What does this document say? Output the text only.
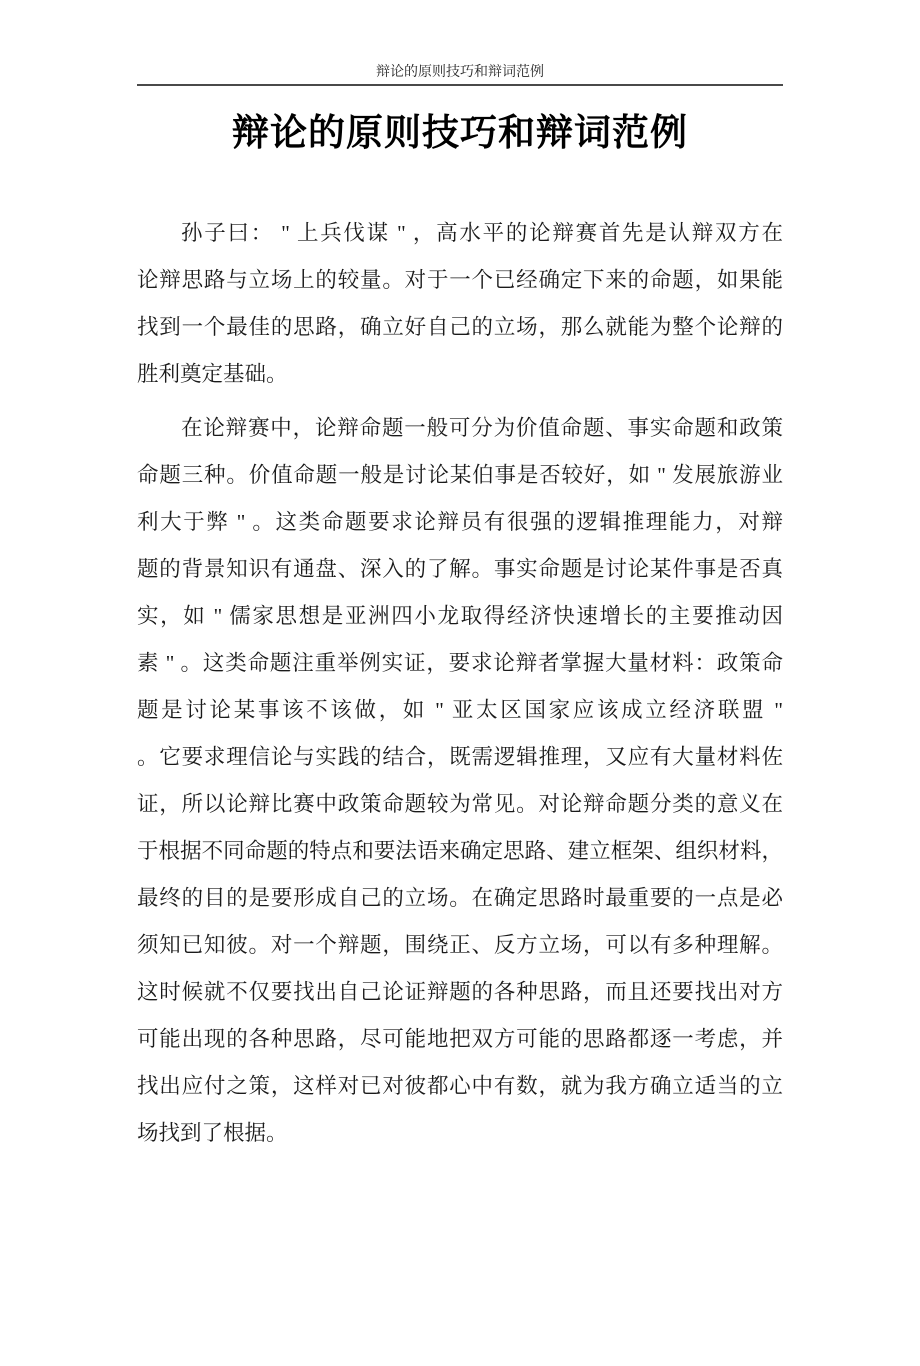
辩论的原则技巧和辩词范例
辩论的原则技巧和辩词范例
孙子曰： " 上兵伐谋 " ，高水平的论辩赛首先是认辩双方在
论辩思路与立场上的较量。对于一个已经确定下来的命题，如果能
找到一个最佳的思路，确立好自己的立场，那么就能为整个论辩的
胜利奠定基础。
在论辩赛中，论辩命题一般可分为价值命题、事实命题和政策
命题三种。价值命题一般是讨论某伯事是否较好，如 " 发展旅游业
利大于弊 " 。这类命题要求论辩员有很强的逻辑推理能力，对辩
题的背景知识有通盘、深入的了解。事实命题是讨论某件事是否真
实，如 " 儒家思想是亚洲四小龙取得经济快速增长的主要推动因
素 " 。这类命题注重举例实证，要求论辩者掌握大量材料：政策命
题是讨论某事该不该做，如 " 亚太区国家应该成立经济联盟 "
。它要求理信论与实践的结合，既需逻辑推理，又应有大量材料佐
证，所以论辩比赛中政策命题较为常见。对论辩命题分类的意义在
于根据不同命题的特点和要法语来确定思路、建立框架、组织材料，
最终的目的是要形成自己的立场。在确定思路时最重要的一点是必
须知已知彼。对一个辩题，围绕正、反方立场，可以有多种理解。
这时候就不仅要找出自己论证辩题的各种思路，而且还要找出对方
可能出现的各种思路，尽可能地把双方可能的思路都逐一考虑，并
找出应付之策，这样对已对彼都心中有数，就为我方确立适当的立
场找到了根据。
